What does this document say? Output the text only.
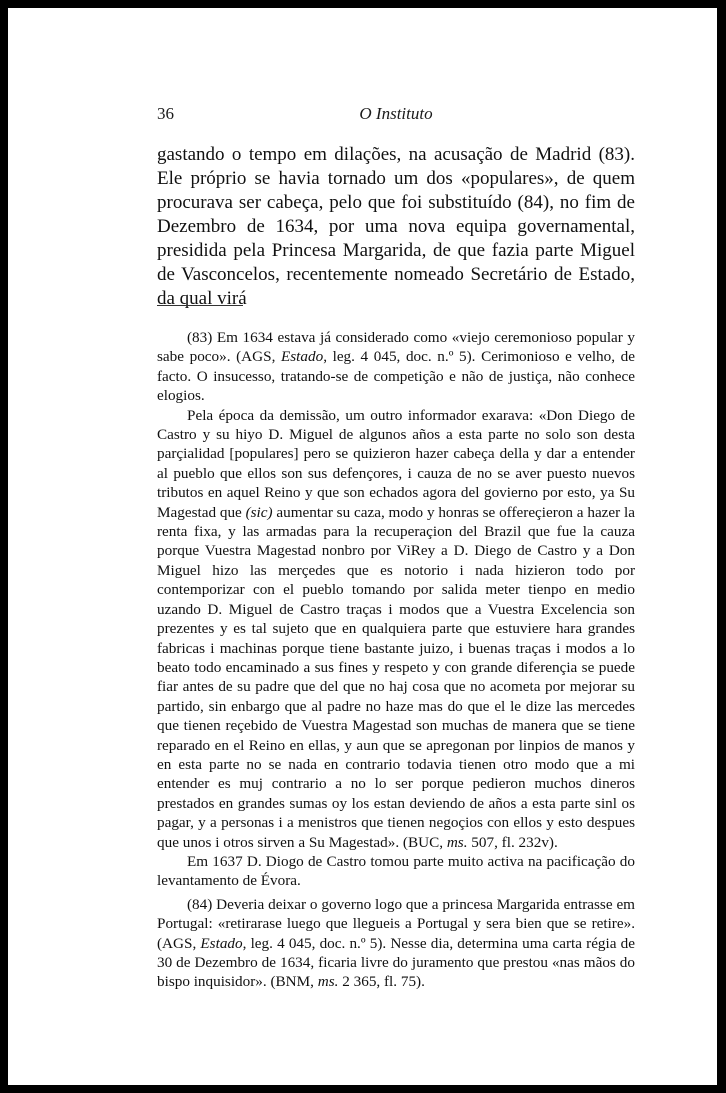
36	O Instituto

gastando o tempo em dilações, na acusação de Madrid (83). Ele próprio se havia tornado um dos «populares», de quem procurava ser cabeça, pelo que foi substituído (84), no fim de Dezembro de 1634, por uma nova equipa governamental, presidida pela Princesa Margarida, de que fazia parte Miguel de Vasconcelos, recentemente nomeado Secretário de Estado, da qual virá

(83) Em 1634 estava já considerado como «viejo ceremonioso popular y sabe poco». (AGS, Estado, leg. 4 045, doc. n.º 5). Cerimonioso e velho, de facto. O insucesso, tratando-se de competição e não de justiça, não conhece elogios.

Pela época da demissão, um outro informador exarava: «Don Diego de Castro y su hiyo D. Miguel de algunos años a esta parte no solo son desta parçialidad [populares] pero se quizieron hazer cabeça della y dar a entender al pueblo que ellos son sus defençores, i cauza de no se aver puesto nuevos tributos en aquel Reino y que son echados agora del govierno por esto, ya Su Magestad que (sic) aumentar su caza, modo y honras se offereçieron a hazer la renta fixa, y las armadas para la recuperaçion del Brazil que fue la cauza porque Vuestra Magestad nonbro por ViRey a D. Diego de Castro y a Don Miguel hizo las merçedes que es notorio i nada hizieron todo por contemporizar con el pueblo tomando por salida meter tienpo en medio uzando D. Miguel de Castro traças i modos que a Vuestra Excelencia son prezentes y es tal sujeto que en qualquiera parte que estuviere hara grandes fabricas i machinas porque tiene bastante juizo, i buenas traças i modos a lo beato todo encaminado a sus fines y respeto y con grande diferençia se puede fiar antes de su padre que del que no haj cosa que no acometa por mejorar su partido, sin enbargo que al padre no haze mas do que el le dize las mercedes que tienen reçebido de Vuestra Magestad son muchas de manera que se tiene reparado en el Reino en ellas, y aun que se apregonan por linpios de manos y en esta parte no se nada en contrario todavia tienen otro modo que a mi entender es muj contrario a no lo ser porque pedieron muchos dineros prestados en grandes sumas oy los estan deviendo de años a esta parte sinl os pagar, y a personas i a menistros que tienen negoçios con ellos y esto despues que unos i otros sirven a Su Magestad». (BUC, ms. 507, fl. 232v).

Em 1637 D. Diogo de Castro tomou parte muito activa na pacificação do levantamento de Évora.

(84) Deveria deixar o governo logo que a princesa Margarida entrasse em Portugal: «retirarase luego que llegueis a Portugal y sera bien que se retire». (AGS, Estado, leg. 4 045, doc. n.º 5). Nesse dia, determina uma carta régia de 30 de Dezembro de 1634, ficaria livre do juramento que prestou «nas mãos do bispo inquisidor». (BNM, ms. 2 365, fl. 75).
